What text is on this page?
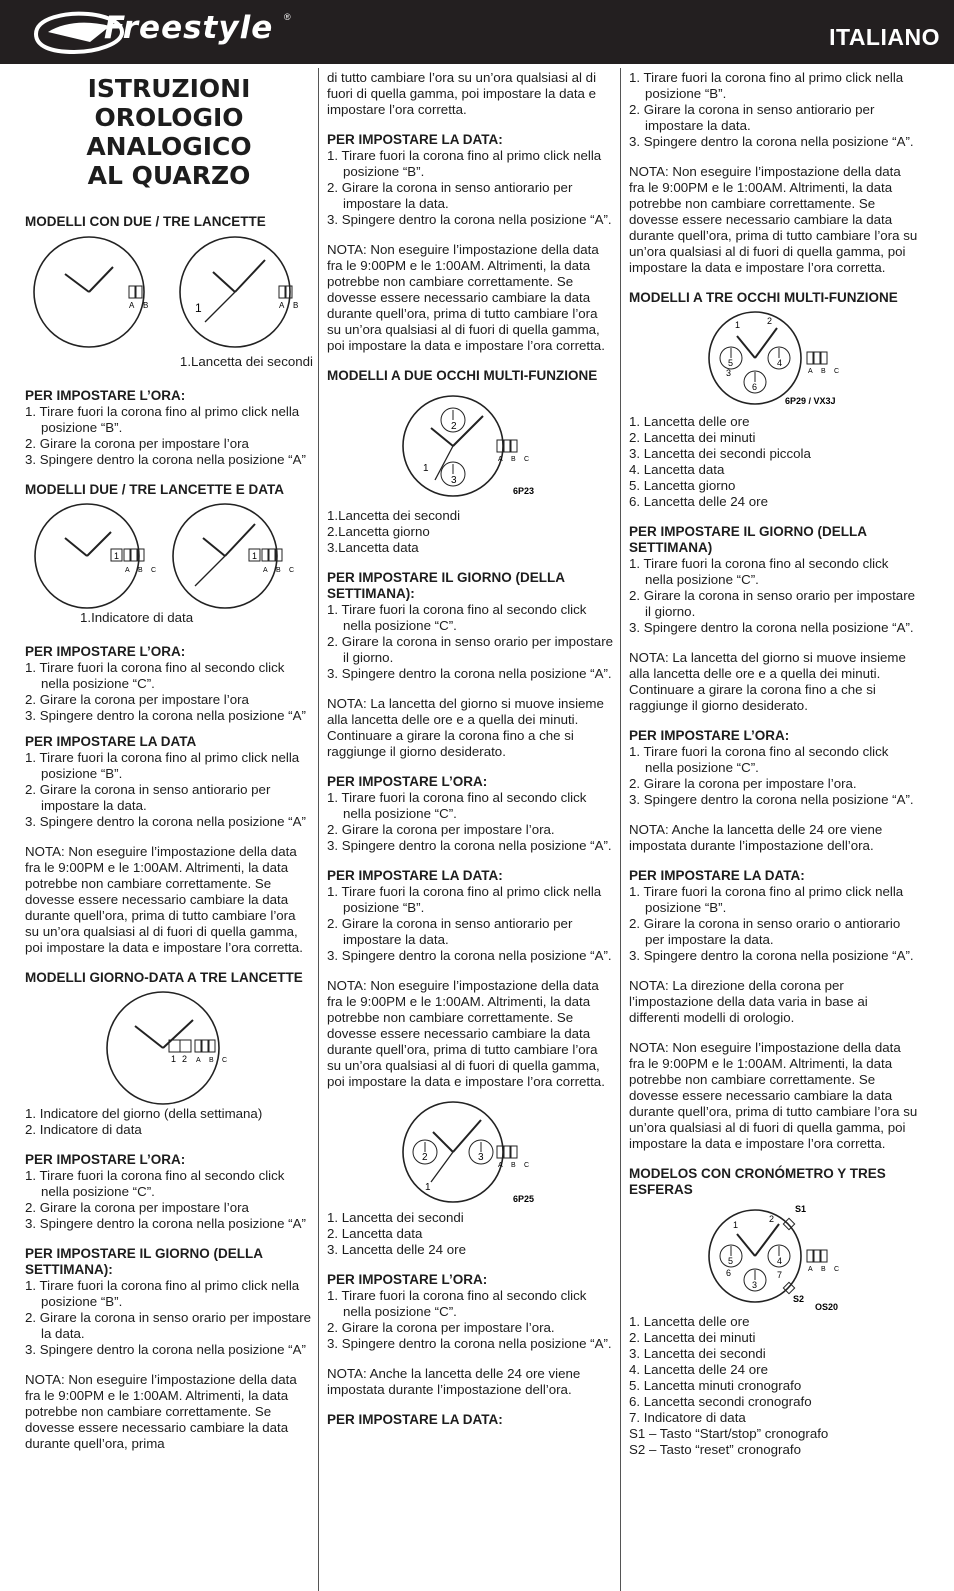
Freestyle ®
ITALIANO
ISTRUZIONI
OROLOGIO ANALOGICO
AL QUARZO

MODELLI CON DUE / TRE LANCETTE

A B	1	A B

1.Lancetta dei secondi

PER IMPOSTARE L’ORA:

1. Tirare fuori la corona fino al primo click nella posizione “B”.

2. Girare la corona per impostare l’ora

3. Spingere dentro la corona nella posizione “A”

MODELLI DUE / TRE LANCETTE E DATA

1
A B C
1
A B C

1.Indicatore di data

PER IMPOSTARE L’ORA:

1. Tirare fuori la corona fino al secondo click nella posizione “C”.

2. Girare la corona per impostare l’ora

3. Spingere dentro la corona nella posizione “A”

PER IMPOSTARE LA DATA

1. Tirare fuori la corona fino al primo click nella posizione “B”.

2. Girare la corona in senso antiorario per impostare la data.

3. Spingere dentro la corona nella posizione “A”

NOTA: Non eseguire l’impostazione della data fra le 9:00PM e le 1:00AM. Altrimenti, la data potrebbe non cambiare correttamente. Se dovesse essere necessario cambiare la data durante quell’ora, prima di tutto cambiare l’ora su un’ora qualsiasi al di fuori di quella gamma, poi impostare la data e impostare l’ora corretta.

MODELLI GIORNO-DATA A TRE LANCETTE

1 2 A B C

1. Indicatore del giorno (della settimana)

2. Indicatore di data

PER IMPOSTARE L’ORA:

1. Tirare fuori la corona fino al secondo click nella posizione “C”.

2. Girare la corona per impostare l’ora

3. Spingere dentro la corona nella posizione “A”

PER IMPOSTARE IL GIORNO (DELLA SETTIMANA):

1. Tirare fuori la corona fino al primo click nella posizione “B”.

2. Girare la corona in senso orario per impostare la data.

3. Spingere dentro la corona nella posizione “A”

NOTA: Non eseguire l’impostazione della data fra le 9:00PM e le 1:00AM. Altrimenti, la data potrebbe non cambiare correttamente. Se dovesse essere necessario cambiare la data durante quell’ora, prima

di tutto cambiare l’ora su un’ora qualsiasi al di fuori di quella gamma, poi impostare la data e impostare l’ora corretta.

PER IMPOSTARE LA DATA:

1. Tirare fuori la corona fino al primo click nella posizione “B”.

2. Girare la corona in senso antiorario per impostare la data.

3. Spingere dentro la corona nella posizione “A”.

NOTA: Non eseguire l’impostazione della data fra le 9:00PM e le 1:00AM. Altrimenti, la data potrebbe non cambiare correttamente. Se dovesse essere necessario cambiare la data durante quell’ora, prima di tutto cambiare l’ora su un’ora qualsiasi al di fuori di quella gamma, poi impostare la data e impostare l’ora corretta.

MODELLI A DUE OCCHI MULTI-FUNZIONE

2
3
1
A B C
6P23

1.Lancetta dei secondi

2.Lancetta giorno

3.Lancetta data

PER IMPOSTARE IL GIORNO (DELLA SETTIMANA):

1. Tirare fuori la corona fino al secondo click nella posizione “C”.

2. Girare la corona in senso orario per impostare il giorno.

3. Spingere dentro la corona nella posizione “A”.

NOTA: La lancetta del giorno si muove insieme alla lancetta delle ore e a quella dei minuti. Continuare a girare la corona fino a che si raggiunge il giorno desiderato.

PER IMPOSTARE L’ORA:

1. Tirare fuori la corona fino al secondo click nella posizione “C”.

2. Girare la corona per impostare l’ora.

3. Spingere dentro la corona nella posizione “A”.

PER IMPOSTARE LA DATA:

1. Tirare fuori la corona fino al primo click nella posizione “B”.

2. Girare la corona in senso antiorario per impostare la data.

3. Spingere dentro la corona nella posizione “A”.

NOTA: Non eseguire l’impostazione della data fra le 9:00PM e le 1:00AM. Altrimenti, la data potrebbe non cambiare correttamente. Se dovesse essere necessario cambiare la data durante quell’ora, prima di tutto cambiare l’ora su un’ora qualsiasi al di fuori di quella gamma, poi impostare la data e impostare l’ora corretta.

2	3
1
A B C
6P25

1. Lancetta dei secondi

2. Lancetta data

3. Lancetta delle 24 ore

PER IMPOSTARE L’ORA:

1. Tirare fuori la corona fino al secondo click nella posizione “C”.

2. Girare la corona per impostare l’ora.

3. Spingere dentro la corona nella posizione “A”.

NOTA: Anche la lancetta delle 24 ore viene impostata durante l’impostazione dell’ora.

PER IMPOSTARE LA DATA:

1. Tirare fuori la corona fino al primo click nella posizione “B”.

2. Girare la corona in senso antiorario per impostare la data.

3. Spingere dentro la corona nella posizione “A”.

NOTA: Non eseguire l’impostazione della data fra le 9:00PM e le 1:00AM. Altrimenti, la data potrebbe non cambiare correttamente. Se dovesse essere necessario cambiare la data durante quell’ora, prima di tutto cambiare l’ora su un’ora qualsiasi al di fuori di quella gamma, poi impostare la data e impostare l’ora corretta.

MODELLI A TRE OCCHI MULTI-FUNZIONE

1	2
3
4
5
6
A B C
6P29 / VX3J

1. Lancetta delle ore

2. Lancetta dei minuti

3. Lancetta dei secondi piccola

4. Lancetta data

5. Lancetta giorno

6. Lancetta delle 24 ore

PER IMPOSTARE IL GIORNO (DELLA SETTIMANA)

1. Tirare fuori la corona fino al secondo click nella posizione “C”.

2. Girare la corona in senso orario per impostare il giorno.

3. Spingere dentro la corona nella posizione “A”.

NOTA: La lancetta del giorno si muove insieme alla lancetta delle ore e a quella dei minuti. Continuare a girare la corona fino a che si raggiunge il giorno desiderato.

PER IMPOSTARE L’ORA:

1. Tirare fuori la corona fino al secondo click nella posizione “C”.

2. Girare la corona per impostare l’ora.

3. Spingere dentro la corona nella posizione “A”.

NOTA: Anche la lancetta delle 24 ore viene impostata durante l’impostazione dell’ora.

PER IMPOSTARE LA DATA:

1. Tirare fuori la corona fino al primo click nella posizione “B”.

2. Girare la corona in senso orario o antiorario per impostare la data.

3. Spingere dentro la corona nella posizione “A”.

NOTA: La direzione della corona per l’impostazione della data varia in base ai differenti modelli di orologio.

NOTA: Non eseguire l’impostazione della data fra le 9:00PM e le 1:00AM. Altrimenti, la data potrebbe non cambiare correttamente. Se dovesse essere necessario cambiare la data durante quell’ora, prima di tutto cambiare l’ora su un’ora qualsiasi al di fuori di quella gamma, poi impostare la data e impostare l’ora corretta.

MODELOS CON CRONÓMETRO Y TRES ESFERAS

1
2
5	4
6
3
7
S1
S2
A B C
OS20

1. Lancetta delle ore

2. Lancetta dei minuti

3. Lancetta dei secondi

4. Lancetta delle 24 ore

5. Lancetta minuti cronografo

6. Lancetta secondi cronografo

7. Indicatore di data

S1 – Tasto “Start/stop” cronografo

S2 – Tasto “reset” cronografo
